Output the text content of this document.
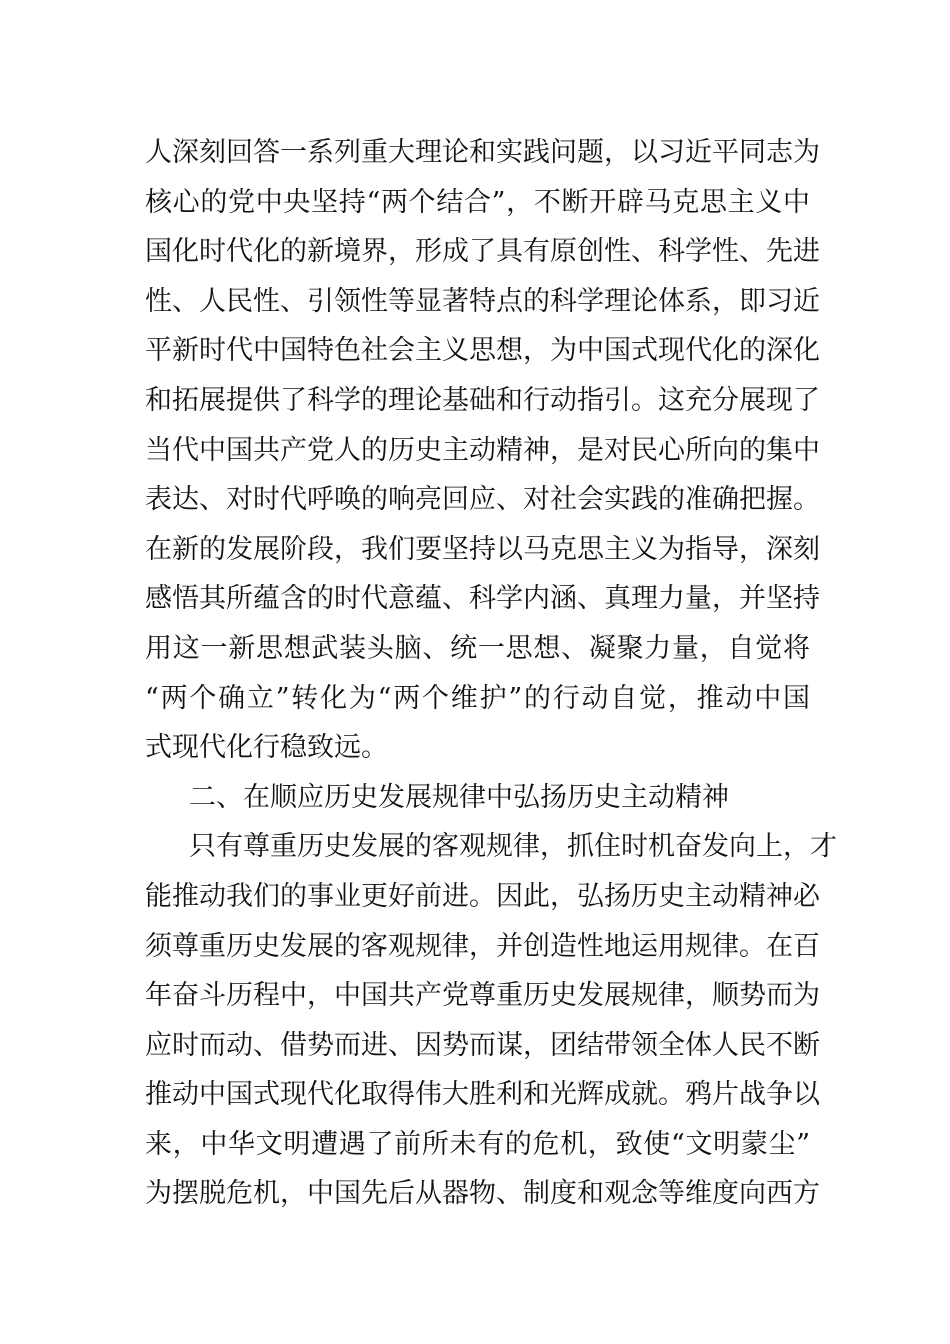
人深刻回答一系列重大理论和实践问题，以习近平同志为
核心的党中央坚持“两个结合”，不断开辟马克思主义中
国化时代化的新境界，形成了具有原创性、科学性、先进
性、人民性、引领性等显著特点的科学理论体系，即习近
平新时代中国特色社会主义思想，为中国式现代化的深化
和拓展提供了科学的理论基础和行动指引。这充分展现了
当代中国共产党人的历史主动精神，是对民心所向的集中
表达、对时代呼唤的响亮回应、对社会实践的准确把握。
在新的发展阶段，我们要坚持以马克思主义为指导，深刻
感悟其所蕴含的时代意蕴、科学内涵、真理力量，并坚持
用这一新思想武装头脑、统一思想、凝聚力量，自觉将
“两个确立”转化为“两个维护”的行动自觉，推动中国
式现代化行稳致远。
二、在顺应历史发展规律中弘扬历史主动精神
只有尊重历史发展的客观规律，抓住时机奋发向上，才
能推动我们的事业更好前进。因此，弘扬历史主动精神必
须尊重历史发展的客观规律，并创造性地运用规律。在百
年奋斗历程中，中国共产党尊重历史发展规律，顺势而为
应时而动、借势而进、因势而谋，团结带领全体人民不断
推动中国式现代化取得伟大胜利和光辉成就。鸦片战争以
来，中华文明遭遇了前所未有的危机，致使“文明蒙尘”
为摆脱危机，中国先后从器物、制度和观念等维度向西方
